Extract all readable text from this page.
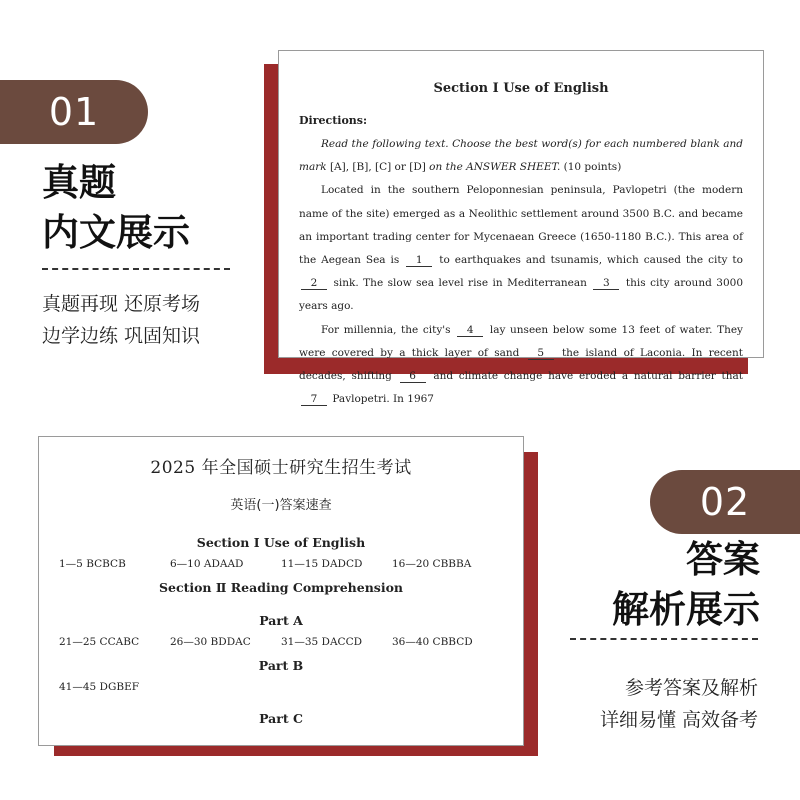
01
真题
内文展示
真题再现 还原考场
边学边练 巩固知识
Section Ⅰ Use of English
Directions:

Read the following text. Choose the best word(s) for each numbered blank and mark [A], [B], [C] or [D] on the ANSWER SHEET. (10 points)

Located in the southern Peloponnesian peninsula, Pavlopetri (the modern name of the site) emerged as a Neolithic settlement around 3500 B.C. and became an important trading center for Mycenaean Greece (1650-1180 B.C.). This area of the Aegean Sea is 1 to earthquakes and tsunamis, which caused the city to 2 sink. The slow sea level rise in Mediterranean 3 this city around 3000 years ago.

For millennia, the city's 4 lay unseen below some 13 feet of water. They were covered by a thick layer of sand 5 the island of Laconia. In recent decades, shifting 6 and climate change have eroded a natural barrier that 7 Pavlopetri. In 1967

2025 年全国硕士研究生招生考试
英语(一)答案速查
Section Ⅰ Use of English
1—5 BCBCB	6—10 ADAAD	11—15 DADCD	16—20 CBBBA
Section Ⅱ Reading Comprehension
Part A
21—25 CCABC	26—30 BDDAC	31—35 DACCD	36—40 CBBCD
Part B
41—45 DGBEF
Part C
02
答案
解析展示
参考答案及解析
详细易懂 高效备考
